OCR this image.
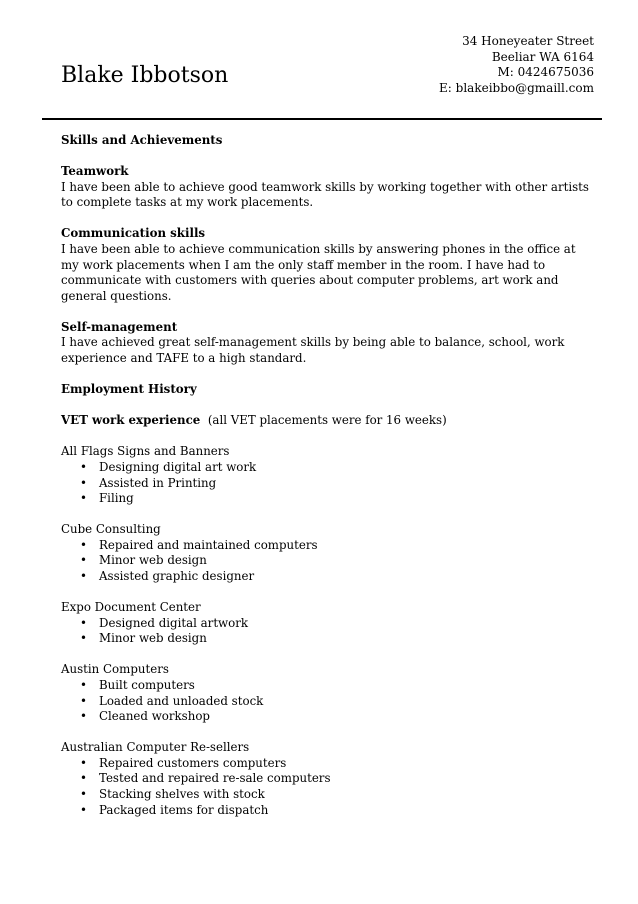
Blake Ibbotson
34 Honeyeater Street
Beeliar WA 6164
M: 0424675036
E: blakeibbo@gmaill.com

Skills and Achievements

Teamwork

I have been able to achieve good teamwork skills by working together with other artists to complete tasks at my work placements.

Communication skills

I have been able to achieve communication skills by answering phones in the office at my work placements when I am the only staff member in the room. I have had to communicate with customers with queries about computer problems, art work and general questions.

Self-management

I have achieved great self-management skills by being able to balance, school, work experience and TAFE to a high standard.

Employment History

VET work experience (all VET placements were for 16 weeks)

All Flags Signs and Banners

• Designing digital art work
• Assisted in Printing
• Filing

Cube Consulting

• Repaired and maintained computers
• Minor web design
• Assisted graphic designer

Expo Document Center

• Designed digital artwork
• Minor web design

Austin Computers

• Built computers
• Loaded and unloaded stock
• Cleaned workshop

Australian Computer Re-sellers

• Repaired customers computers
• Tested and repaired re-sale computers
• Stacking shelves with stock
• Packaged items for dispatch
